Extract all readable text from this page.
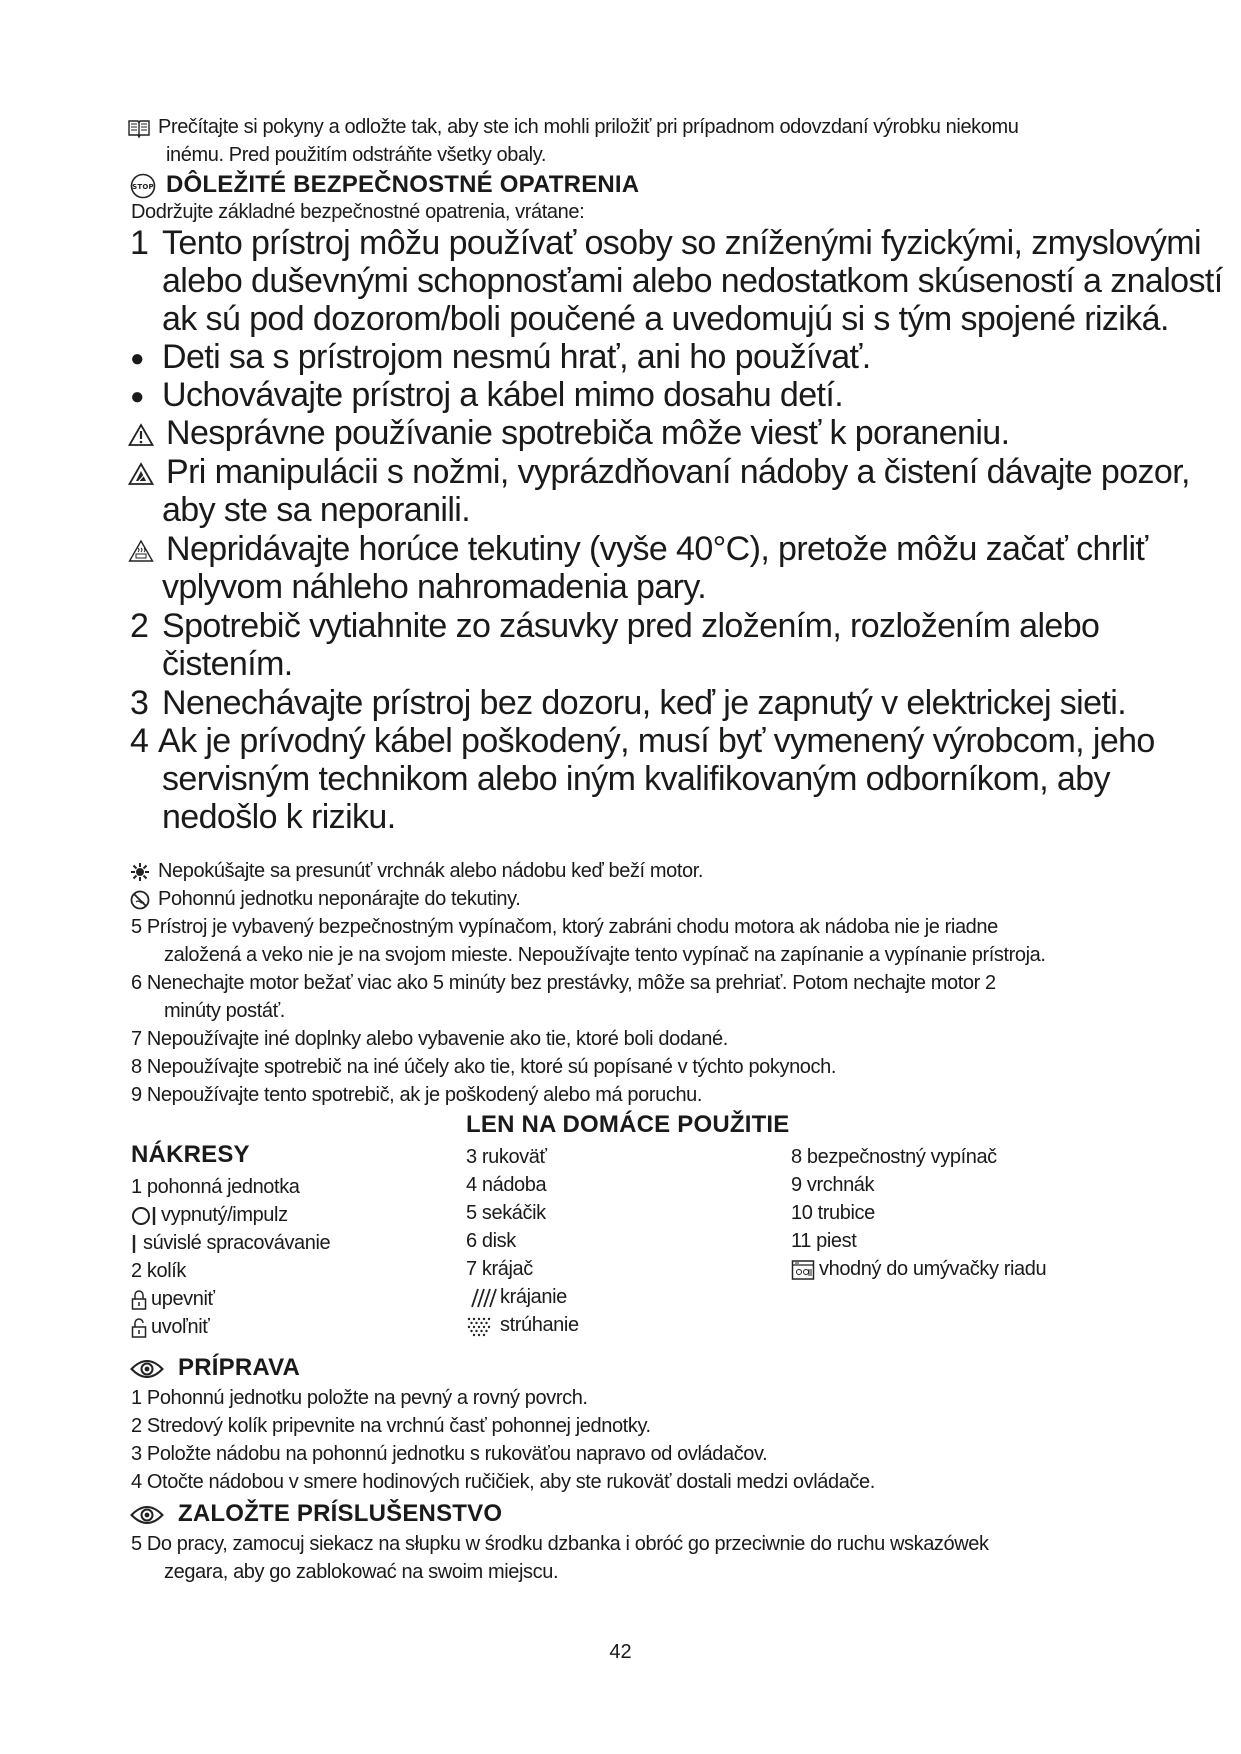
Prečítajte si pokyny a odložte tak, aby ste ich mohli priložiť pri prípadnom odovzdaní výrobku niekomu
inému. Pred použitím odstráňte všetky obaly.
STOP DÔLEŽITÉ BEZPEČNOSTNÉ OPATRENIA
Dodržujte základné bezpečnostné opatrenia, vrátane:
1 Tento prístroj môžu používať osoby so zníženými fyzickými, zmyslovými
alebo duševnými schopnosťami alebo nedostatkom skúseností a znalostí
ak sú pod dozorom/boli poučené a uvedomujú si s tým spojené riziká.
● Deti sa s prístrojom nesmú hrať, ani ho používať.
● Uchovávajte prístroj a kábel mimo dosahu detí.
Nesprávne používanie spotrebiča môže viesť k poraneniu.
Pri manipulácii s nožmi, vyprázdňovaní nádoby a čistení dávajte pozor,
aby ste sa neporanili.
Nepridávajte horúce tekutiny (vyše 40°C), pretože môžu začať chrliť
vplyvom náhleho nahromadenia pary.
2 Spotrebič vytiahnite zo zásuvky pred zložením, rozložením alebo
čistením.
3 Nenechávajte prístroj bez dozoru, keď je zapnutý v elektrickej sieti.
4 Ak je prívodný kábel poškodený, musí byť vymenený výrobcom, jeho
servisným technikom alebo iným kvalifikovaným odborníkom, aby
nedošlo k riziku.
Nepokúšajte sa presunúť vrchnák alebo nádobu keď beží motor.
Pohonnú jednotku neponárajte do tekutiny.
5 Prístroj je vybavený bezpečnostným vypínačom, ktorý zabráni chodu motora ak nádoba nie je riadne
založená a veko nie je na svojom mieste. Nepoužívajte tento vypínač na zapínanie a vypínanie prístroja.
6 Nenechajte motor bežať viac ako 5 minúty bez prestávky, môže sa prehriať. Potom nechajte motor 2
minúty postáť.
7 Nepoužívajte iné doplnky alebo vybavenie ako tie, ktoré boli dodané.
8 Nepoužívajte spotrebič na iné účely ako tie, ktoré sú popísané v týchto pokynoch.
9 Nepoužívajte tento spotrebič, ak je poškodený alebo má poruchu.
LEN NA DOMÁCE POUŽITIE
NÁKRESY
1 pohonná jednotka
vypnutý/impulz
súvislé spracovávanie
2 kolík
upevniť
uvoľniť
3 rukoväť
4 nádoba
5 sekáčik
6 disk
7 krájač
krájanie
strúhanie
8 bezpečnostný vypínač
9 vrchnák
10 trubice
11 piest
vhodný do umývačky riadu
PRÍPRAVA
1 Pohonnú jednotku položte na pevný a rovný povrch.
2 Stredový kolík pripevnite na vrchnú časť pohonnej jednotky.
3 Položte nádobu na pohonnú jednotku s rukoväťou napravo od ovládačov.
4 Otočte nádobou v smere hodinových ručičiek, aby ste rukoväť dostali medzi ovládače.
ZALOŽTE PRÍSLUŠENSTVO
5 Do pracy, zamocuj siekacz na słupku w środku dzbanka i obróć go przeciwnie do ruchu wskazówek
zegara, aby go zablokować na swoim miejscu.
42
